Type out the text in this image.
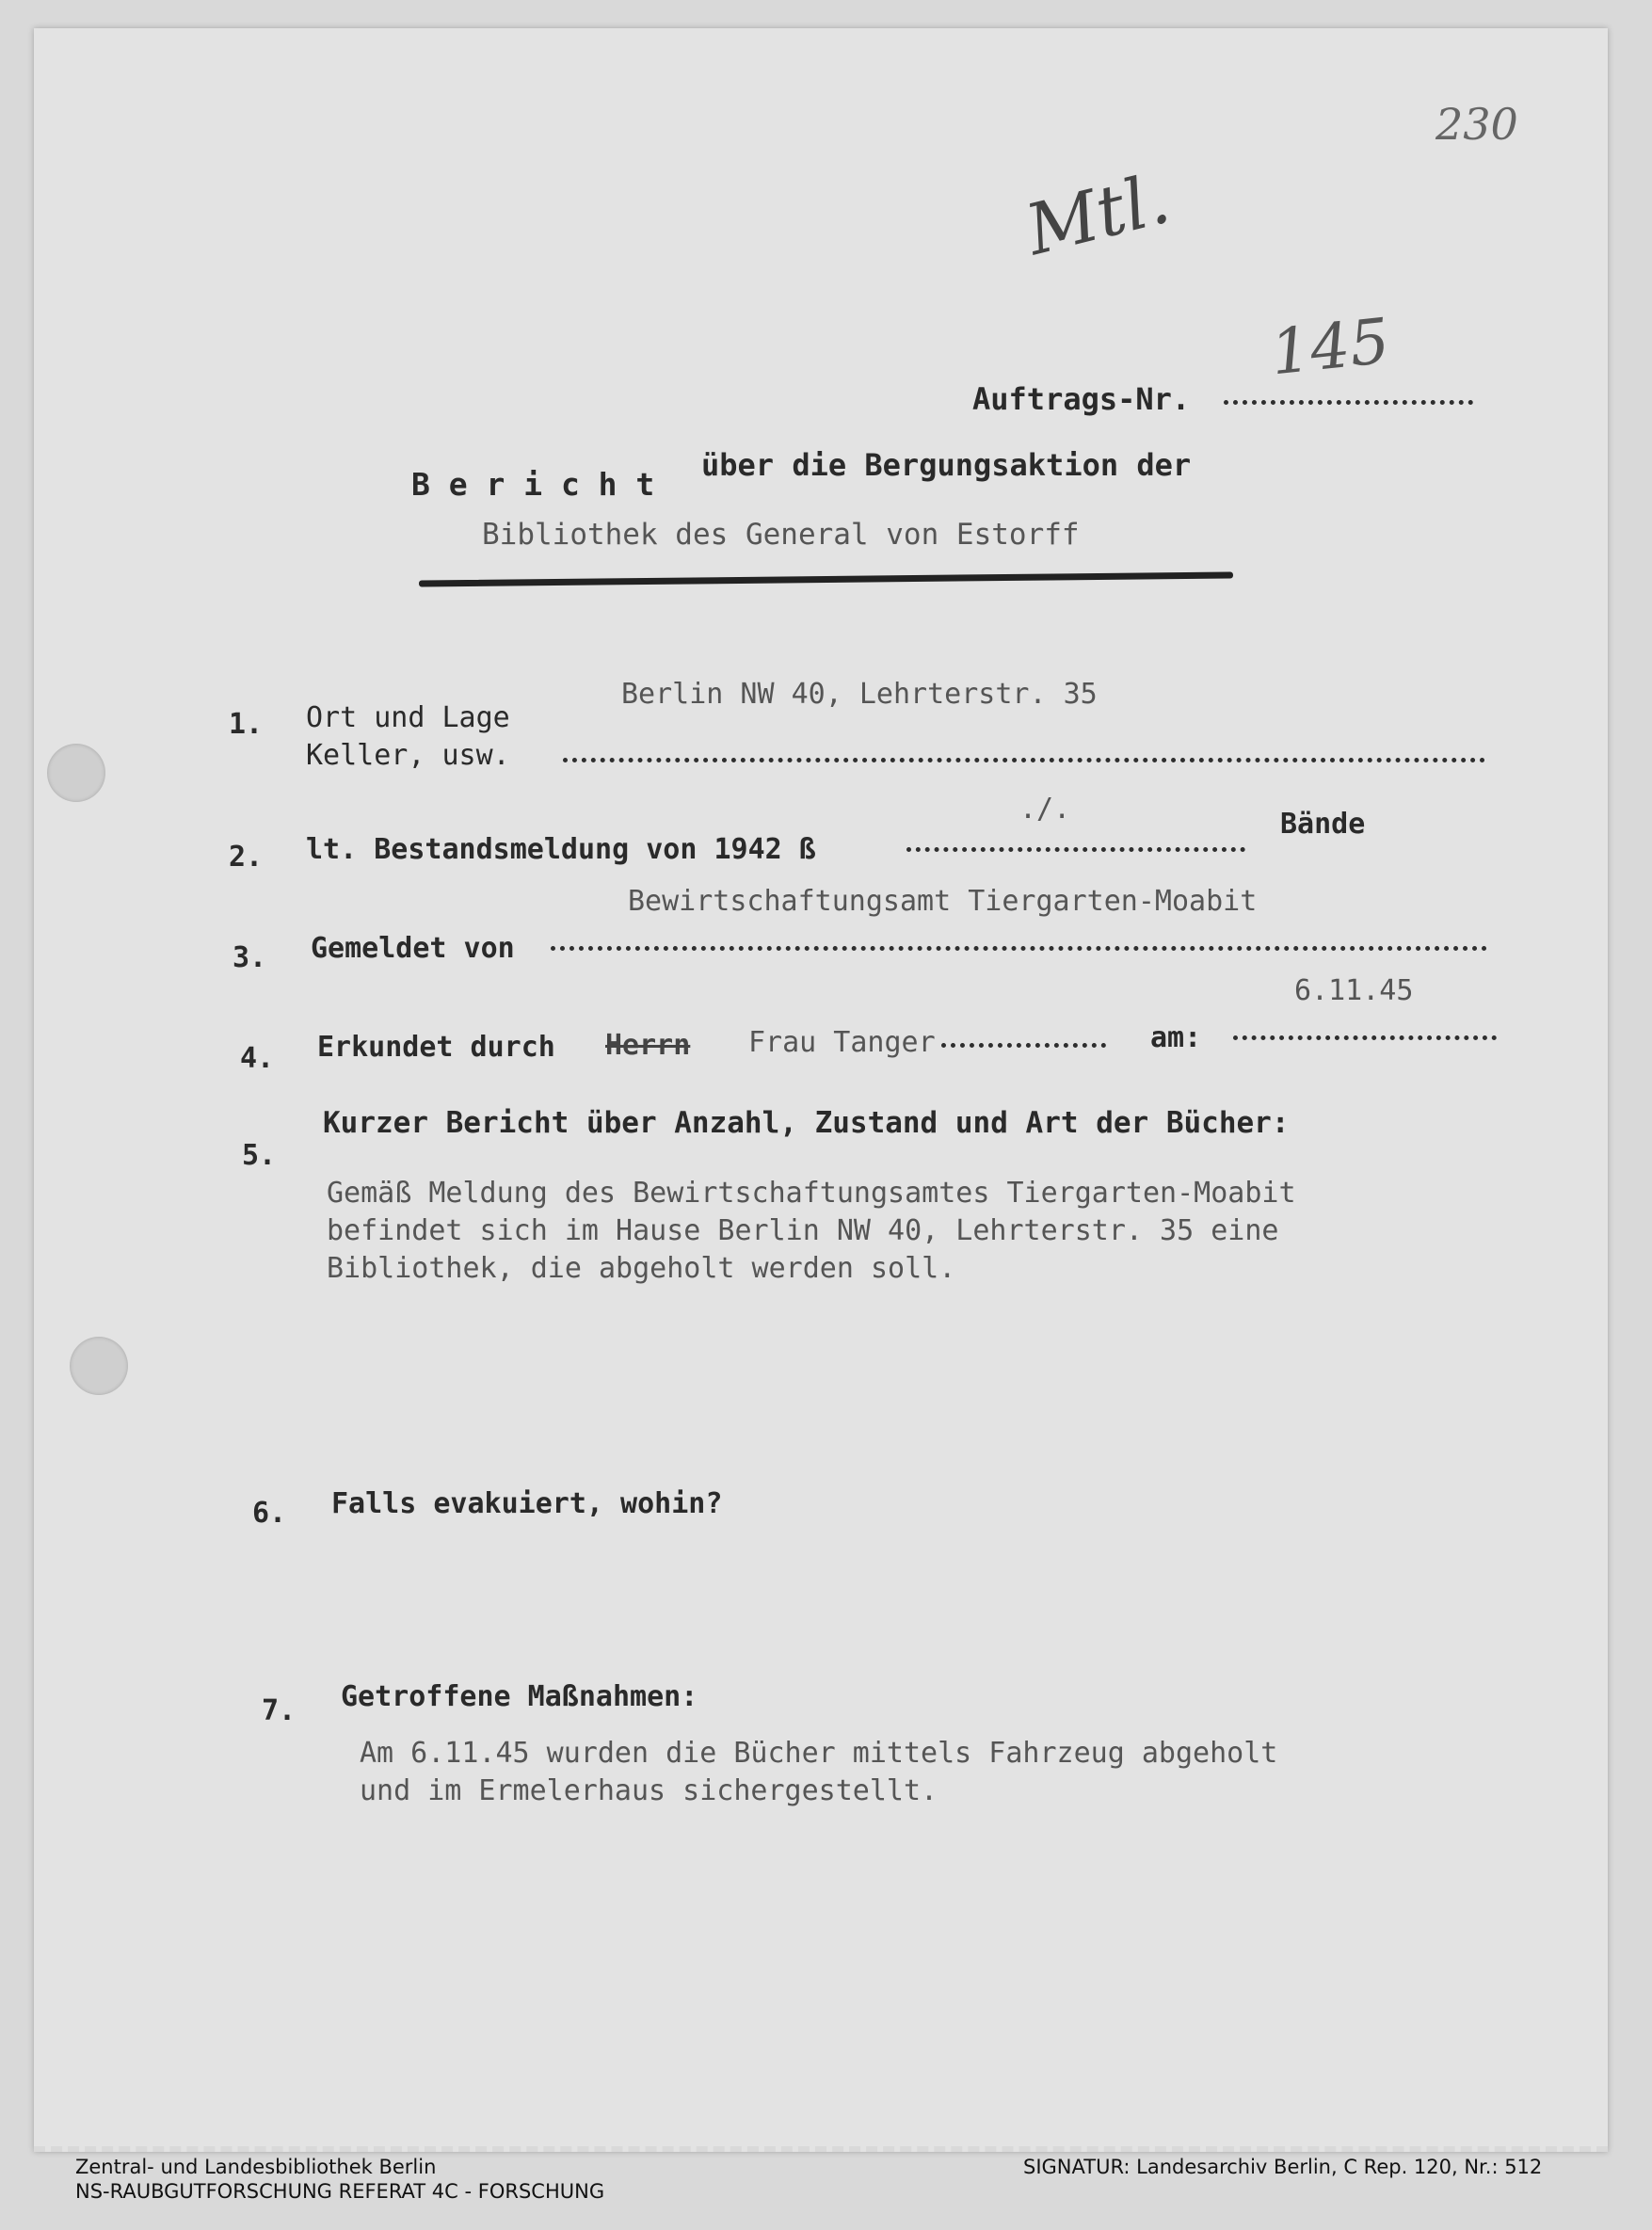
230
Mtl.
145
Auftrags-Nr.
B e r i c h t
über die Bergungsaktion der
Bibliothek des General von Estorff
Berlin NW 40, Lehrterstr. 35
1. Ort und Lage
Keller, usw.
./.
2. lt. Bestandsmeldung von 1942 ß
Bände
Bewirtschaftungsamt Tiergarten-Moabit
3. Gemeldet von
6.11.45
4. Erkundet durch Herrn Frau Tanger	am:
5.
Kurzer Bericht über Anzahl, Zustand und Art der Bücher:
Gemäß Meldung des Bewirtschaftungsamtes Tiergarten-Moabit
befindet sich im Hause Berlin NW 40, Lehrterstr. 35 eine
Bibliothek, die abgeholt werden soll.
6. Falls evakuiert, wohin?
7. Getroffene Maßnahmen:
Am 6.11.45 wurden die Bücher mittels Fahrzeug abgeholt
und im Ermelerhaus sichergestellt.
Zentral- und Landesbibliothek Berlin
NS-RAUBGUTFORSCHUNG REFERAT 4C - FORSCHUNG
SIGNATUR: Landesarchiv Berlin, C Rep. 120, Nr.: 512
